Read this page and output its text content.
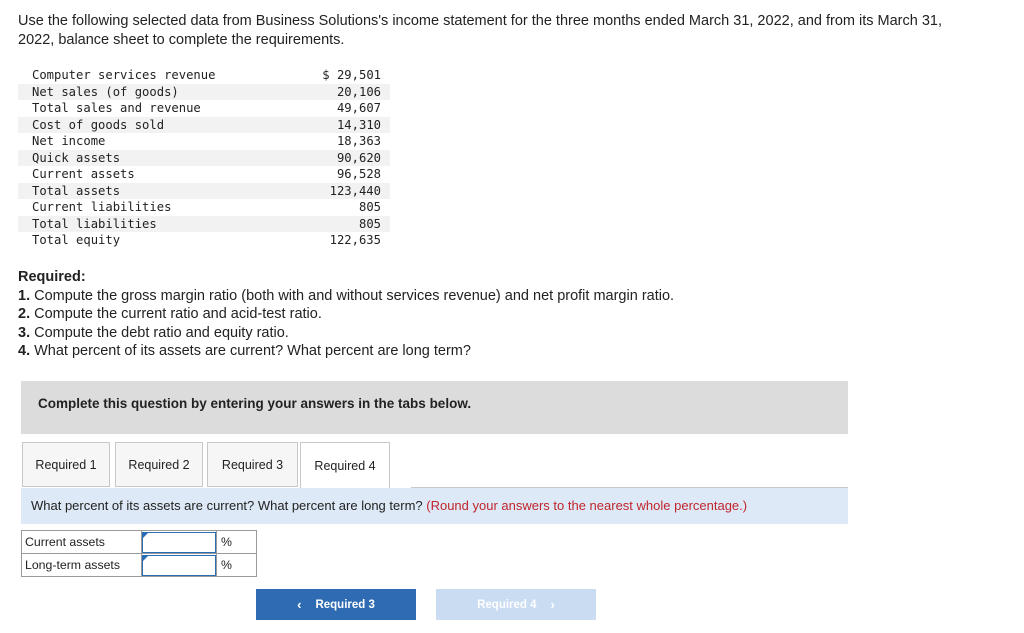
Use the following selected data from Business Solutions's income statement for the three months ended March 31, 2022, and from its March 31, 2022, balance sheet to complete the requirements.
Computer services revenue	$ 29,501
Net sales (of goods)	20,106
Total sales and revenue	49,607
Cost of goods sold	14,310
Net income	18,363
Quick assets	90,620
Current assets	96,528
Total assets	123,440
Current liabilities	805
Total liabilities	805
Total equity	122,635
Required:
1. Compute the gross margin ratio (both with and without services revenue) and net profit margin ratio.
2. Compute the current ratio and acid-test ratio.
3. Compute the debt ratio and equity ratio.
4. What percent of its assets are current? What percent are long term?
Complete this question by entering your answers in the tabs below.
Required 1	Required 2	Required 3	Required 4
What percent of its assets are current? What percent are long term? (Round your answers to the nearest whole percentage.)
Current assets		%
Long-term assets		%
‹ Required 3	Required 4 ›
